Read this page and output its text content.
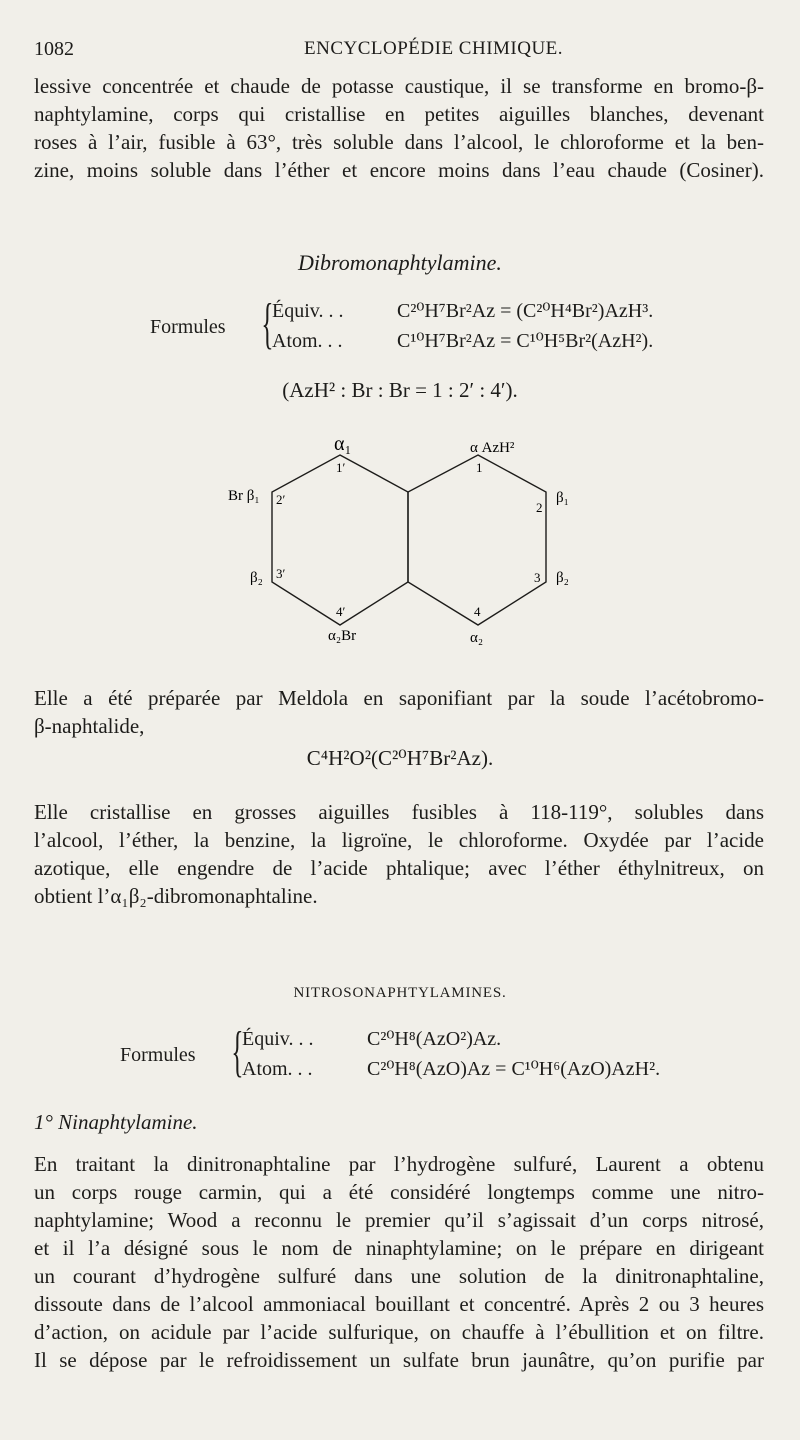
1082	ENCYCLOPÉDIE CHIMIQUE.

lessive concentrée et chaude de potasse caustique, il se transforme en bromo-β-

naphtylamine, corps qui cristallise en petites aiguilles blanches, devenant

roses à l’air, fusible à 63°, très soluble dans l’alcool, le chloroforme et la ben-

zine, moins soluble dans l’éther et encore moins dans l’eau chaude (Cosiner).

Dibromonaphtylamine.
Formules {
Équiv. . .	C²⁰H⁷Br²Az = (C²⁰H⁴Br²)AzH³.
Atom. . .	C¹⁰H⁷Br²Az = C¹⁰H⁵Br²(AzH²).
(AzH² : Br : Br = 1 : 2′ : 4′).
α₁
1′
α AzH²
1
Br β₁ 2′	β₁
2
β₂ 3′	β₂
3
4′
α₂Br
4
α₂

Elle a été préparée par Meldola en saponifiant par la soude l’acétobromo-

β-naphtalide,

C⁴H²O²(C²⁰H⁷Br²Az).

Elle cristallise en grosses aiguilles fusibles à 118-119°, solubles dans

l’alcool, l’éther, la benzine, la ligroïne, le chloroforme. Oxydée par l’acide

azotique, elle engendre de l’acide phtalique; avec l’éther éthylnitreux, on

obtient l’α₁β₂-dibromonaphtaline.

NITROSONAPHTYLAMINES.
Formules {
Équiv. . .	C²⁰H⁸(AzO²)Az.
Atom. . .	C²⁰H⁸(AzO)Az = C¹⁰H⁶(AzO)AzH².

1° Ninaphtylamine.

En traitant la dinitronaphtaline par l’hydrogène sulfuré, Laurent a obtenu

un corps rouge carmin, qui a été considéré longtemps comme une nitro-

naphtylamine; Wood a reconnu le premier qu’il s’agissait d’un corps nitrosé,

et il l’a désigné sous le nom de ninaphtylamine; on le prépare en dirigeant

un courant d’hydrogène sulfuré dans une solution de la dinitronaphtaline,

dissoute dans de l’alcool ammoniacal bouillant et concentré. Après 2 ou 3 heures

d’action, on acidule par l’acide sulfurique, on chauffe à l’ébullition et on filtre.

Il se dépose par le refroidissement un sulfate brun jaunâtre, qu’on purifie par
